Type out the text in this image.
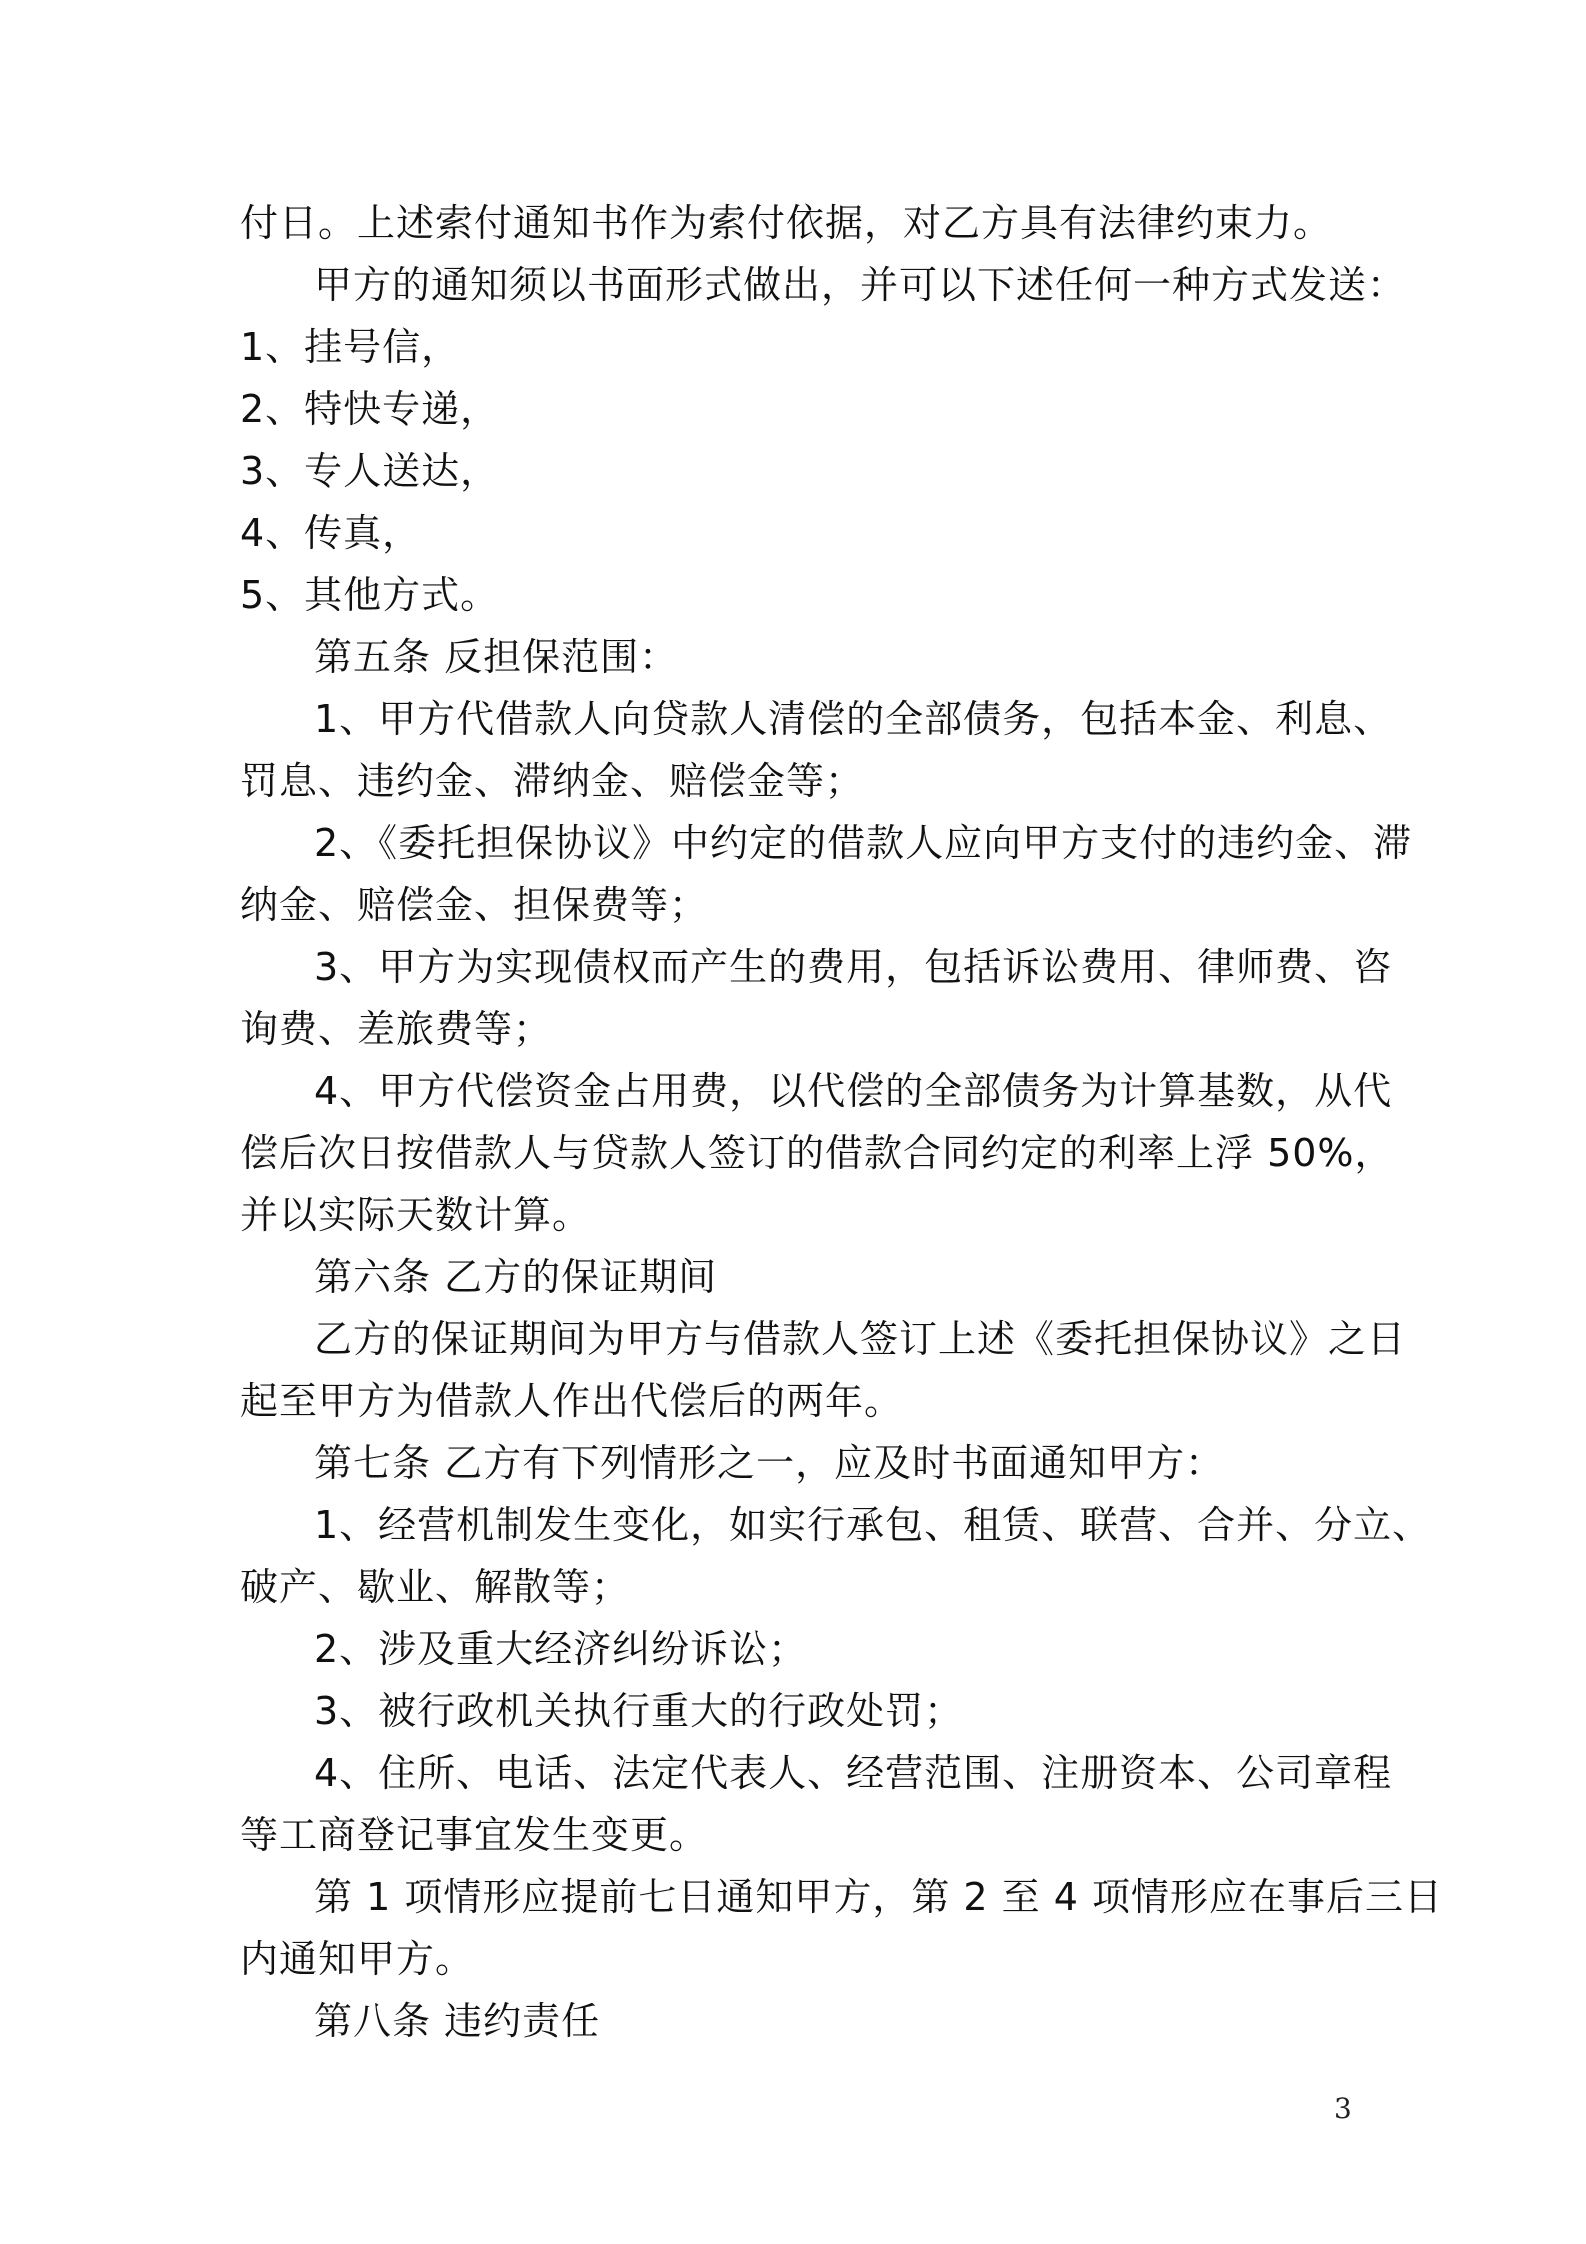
付日。上述索付通知书作为索付依据，对乙方具有法律约束力。
甲方的通知须以书面形式做出，并可以下述任何一种方式发送：
1、挂号信，
2、特快专递，
3、专人送达，
4、传真，
5、其他方式。
第五条 反担保范围：
1、甲方代借款人向贷款人清偿的全部债务，包括本金、利息、
罚息、违约金、滞纳金、赔偿金等；
2、《委托担保协议》中约定的借款人应向甲方支付的违约金、滞
纳金、赔偿金、担保费等；
3、甲方为实现债权而产生的费用，包括诉讼费用、律师费、咨
询费、差旅费等；
4、甲方代偿资金占用费，以代偿的全部债务为计算基数，从代
偿后次日按借款人与贷款人签订的借款合同约定的利率上浮 50%，
并以实际天数计算。
第六条 乙方的保证期间
乙方的保证期间为甲方与借款人签订上述《委托担保协议》之日
起至甲方为借款人作出代偿后的两年。
第七条 乙方有下列情形之一，应及时书面通知甲方：
1、经营机制发生变化，如实行承包、租赁、联营、合并、分立、
破产、歇业、解散等；
2、涉及重大经济纠纷诉讼；
3、被行政机关执行重大的行政处罚；
4、住所、电话、法定代表人、经营范围、注册资本、公司章程
等工商登记事宜发生变更。
第 1 项情形应提前七日通知甲方，第 2 至 4 项情形应在事后三日
内通知甲方。
第八条 违约责任
3
